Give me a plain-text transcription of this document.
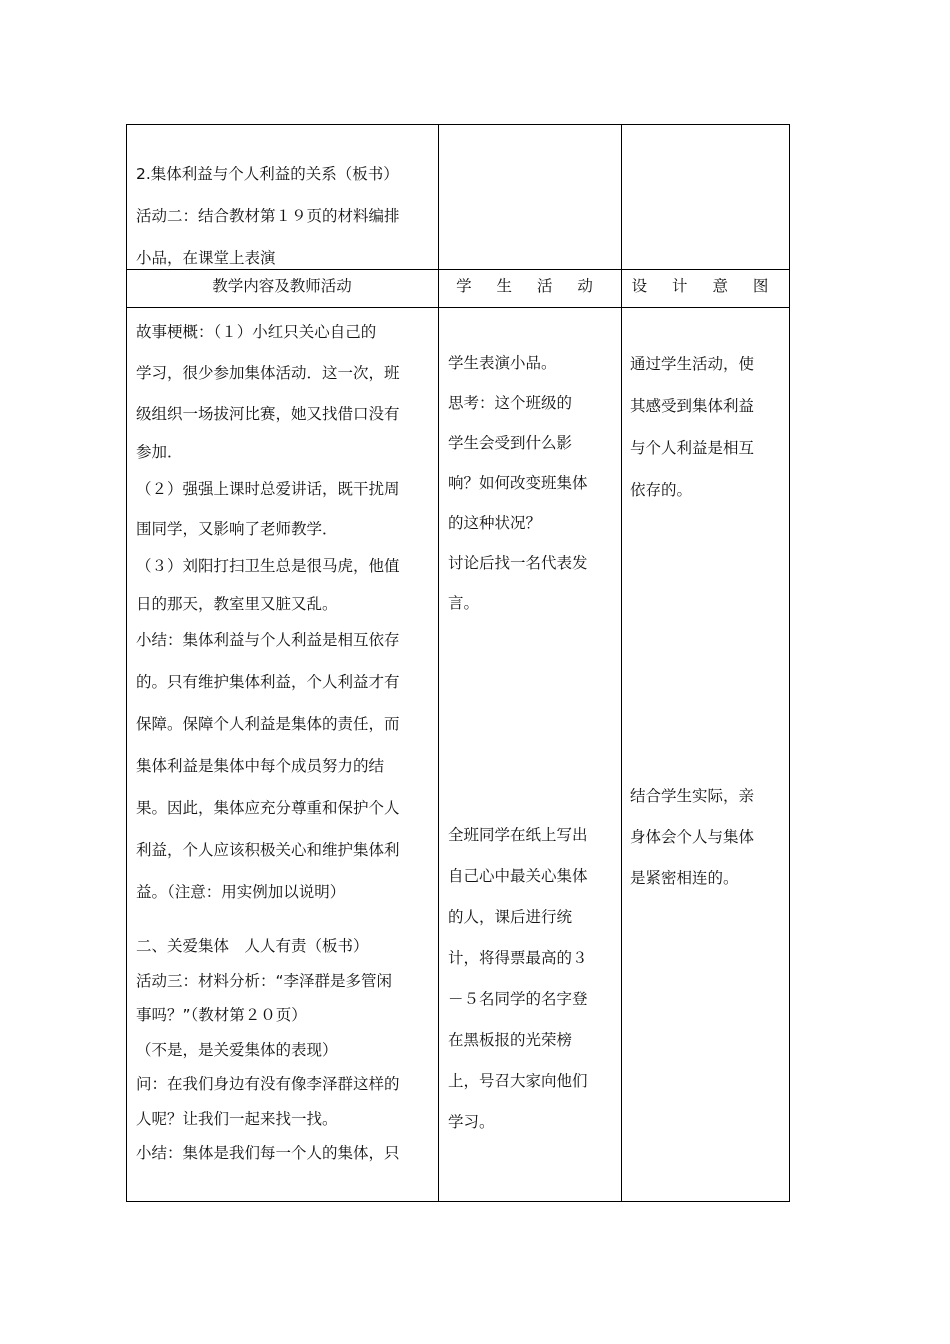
2.集体利益与个人利益的关系（板书）

活动二：结合教材第１９页的材料编排

小品，在课堂上表演

教学内容及教师活动	学 生 活 动	设 计 意 图

故事梗概：（１）小红只关心自己的

学习，很少参加集体活动．这一次，班

级组织一场拔河比赛，她又找借口没有

参加．

（２）强强上课时总爱讲话，既干扰周

围同学，又影响了老师教学．

（３）刘阳打扫卫生总是很马虎，他值

日的那天，教室里又脏又乱。

小结：集体利益与个人利益是相互依存

的。只有维护集体利益，个人利益才有

保障。保障个人利益是集体的责任，而

集体利益是集体中每个成员努力的结

果。因此，集体应充分尊重和保护个人

利益，个人应该积极关心和维护集体利

益。（注意：用实例加以说明）

二、关爱集体　人人有责（板书）

活动三：材料分析：“李泽群是多管闲

事吗？”（教材第２０页）

（不是，是关爱集体的表现）

问：在我们身边有没有像李泽群这样的

人呢？让我们一起来找一找。

小结：集体是我们每一个人的集体，只

学生表演小品。

思考：这个班级的

学生会受到什么影

响？如何改变班集体

的这种状况？

讨论后找一名代表发

言。

全班同学在纸上写出

自己心中最关心集体

的人，课后进行统

计，将得票最高的３

－５名同学的名字登

在黑板报的光荣榜

上，号召大家向他们

学习。

通过学生活动，使

其感受到集体利益

与个人利益是相互

依存的。

结合学生实际，亲

身体会个人与集体

是紧密相连的。
